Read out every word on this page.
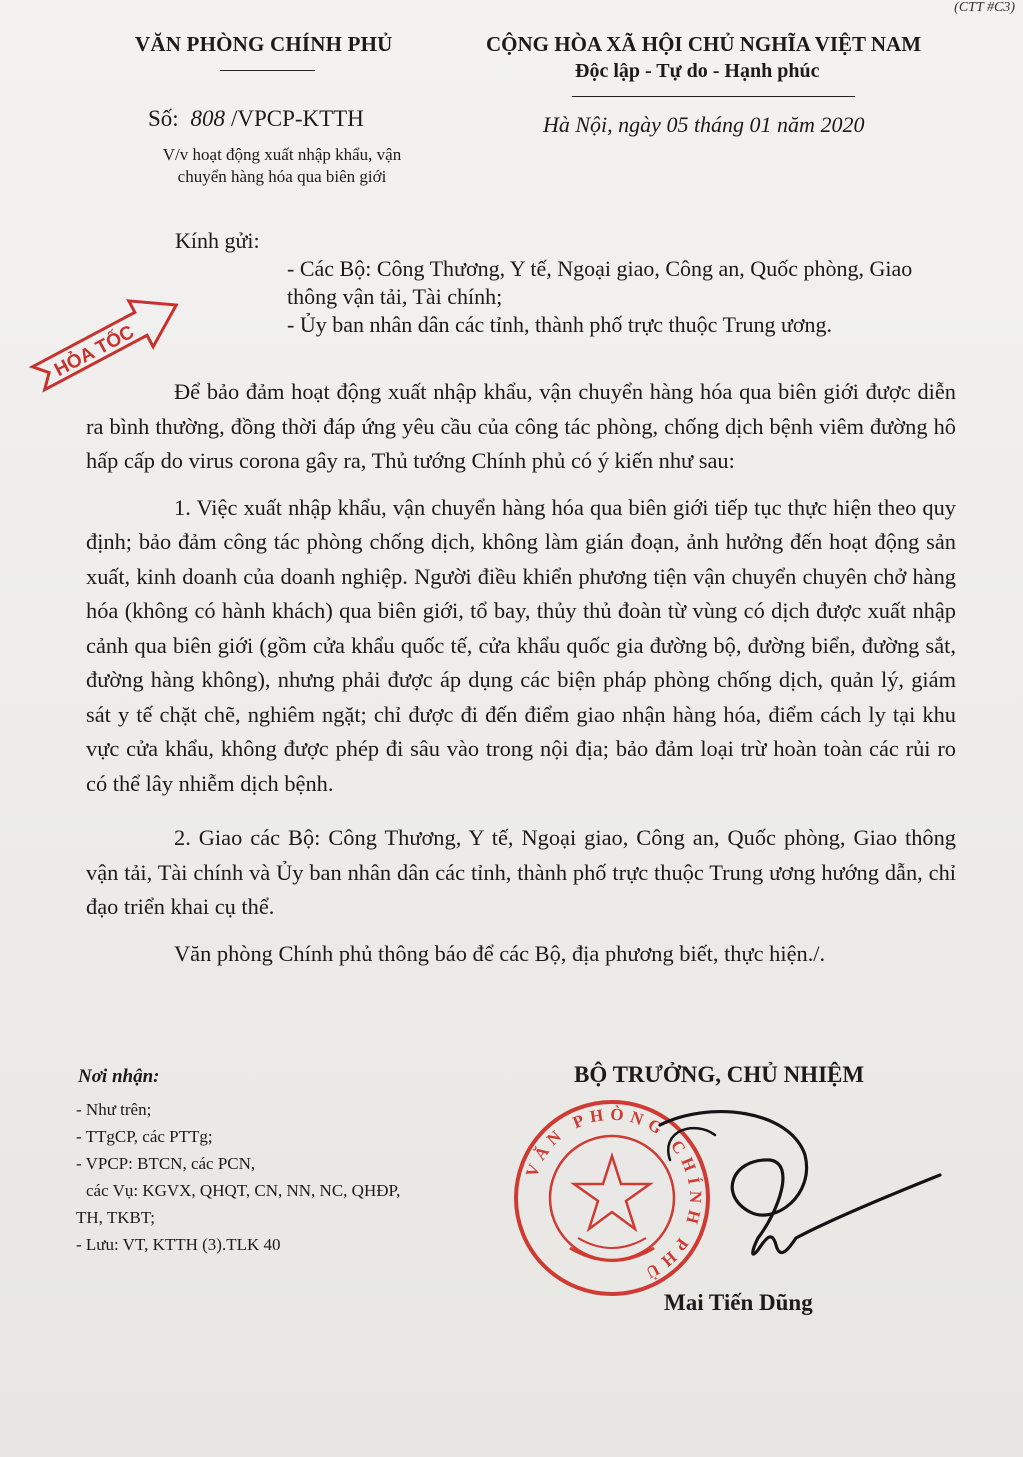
(CTT #C3)
VĂN PHÒNG CHÍNH PHỦ	CỘNG HÒA XÃ HỘI CHỦ NGHĨA VIỆT NAM
Độc lập - Tự do - Hạnh phúc
Số: 808 /VPCP-KTTH
V/v hoạt động xuất nhập khẩu, vận
chuyển hàng hóa qua biên giới
Hà Nội, ngày 05 tháng 01 năm 2020
HỎA TỐC
Kính gửi:

- Các Bộ: Công Thương, Y tế, Ngoại giao, Công an, Quốc phòng, Giao thông vận tải, Tài chính;

- Ủy ban nhân dân các tỉnh, thành phố trực thuộc Trung ương.

Để bảo đảm hoạt động xuất nhập khẩu, vận chuyển hàng hóa qua biên giới được diễn ra bình thường, đồng thời đáp ứng yêu cầu của công tác phòng, chống dịch bệnh viêm đường hô hấp cấp do virus corona gây ra, Thủ tướng Chính phủ có ý kiến như sau:

1. Việc xuất nhập khẩu, vận chuyển hàng hóa qua biên giới tiếp tục thực hiện theo quy định; bảo đảm công tác phòng chống dịch, không làm gián đoạn, ảnh hưởng đến hoạt động sản xuất, kinh doanh của doanh nghiệp. Người điều khiển phương tiện vận chuyển chuyên chở hàng hóa (không có hành khách) qua biên giới, tổ bay, thủy thủ đoàn từ vùng có dịch được xuất nhập cảnh qua biên giới (gồm cửa khẩu quốc tế, cửa khẩu quốc gia đường bộ, đường biển, đường sắt, đường hàng không), nhưng phải được áp dụng các biện pháp phòng chống dịch, quản lý, giám sát y tế chặt chẽ, nghiêm ngặt; chỉ được đi đến điểm giao nhận hàng hóa, điểm cách ly tại khu vực cửa khẩu, không được phép đi sâu vào trong nội địa; bảo đảm loại trừ hoàn toàn các rủi ro có thể lây nhiễm dịch bệnh.

2. Giao các Bộ: Công Thương, Y tế, Ngoại giao, Công an, Quốc phòng, Giao thông vận tải, Tài chính và Ủy ban nhân dân các tỉnh, thành phố trực thuộc Trung ương hướng dẫn, chỉ đạo triển khai cụ thể.

Văn phòng Chính phủ thông báo để các Bộ, địa phương biết, thực hiện./.

Nơi nhận:
- Như trên;
- TTgCP, các PTTg;
- VPCP: BTCN, các PCN,
các Vụ: KGVX, QHQT, CN, NN, NC, QHĐP,
TH, TKBT;
- Lưu: VT, KTTH (3).TLK 40
BỘ TRƯỞNG, CHỦ NHIỆM
VĂN PHÒNG CHÍNH PHỦ
Mai Tiến Dũng
